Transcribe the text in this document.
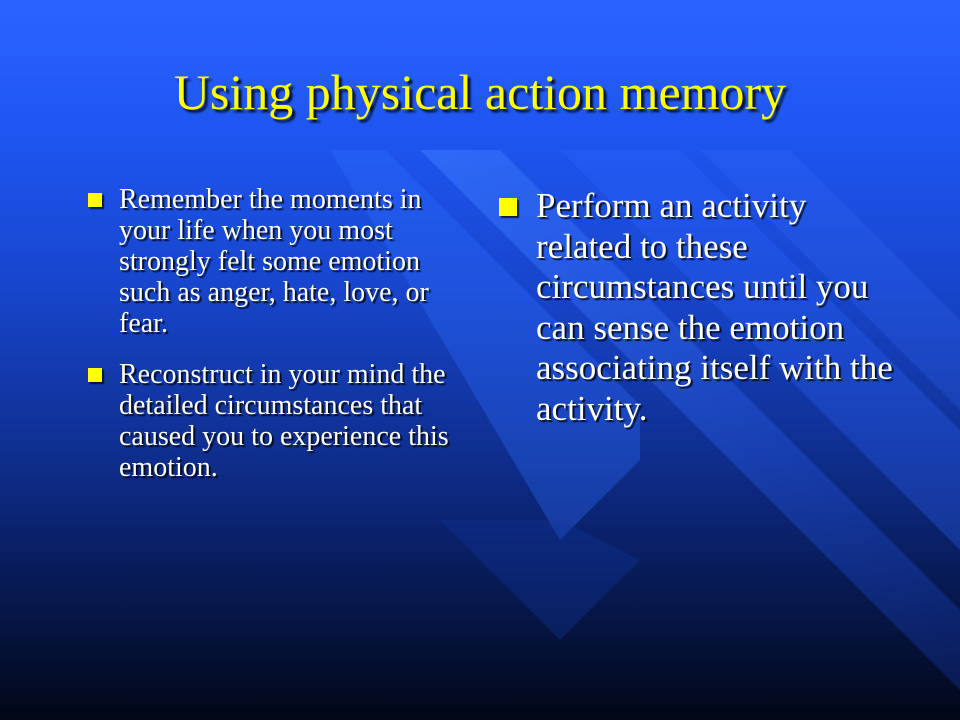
Using physical action memory
Remember the moments in your life when you most strongly felt some emotion such as anger, hate, love, or fear.
Reconstruct in your mind the detailed circumstances that caused you to experience this emotion.
Perform an activity related to these circumstances until you can sense the emotion associating itself with the activity.
